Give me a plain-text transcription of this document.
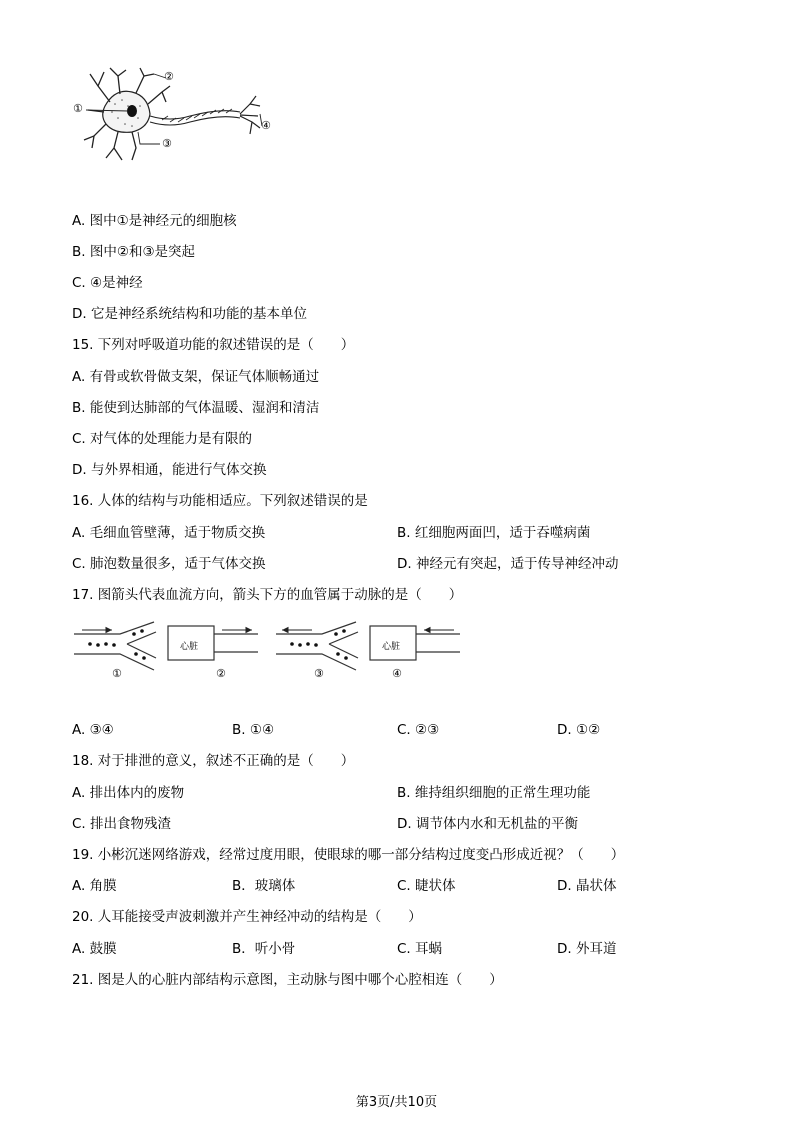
①
②
③
④
A. 图中①是神经元的细胞核
B. 图中②和③是突起
C. ④是神经
D. 它是神经系统结构和功能的基本单位
15. 下列对呼吸道功能的叙述错误的是（　　）
A. 有骨或软骨做支架，保证气体顺畅通过
B. 能使到达肺部的气体温暖、湿润和清洁
C. 对气体的处理能力是有限的
D. 与外界相通，能进行气体交换
16. 人体的结构与功能相适应。下列叙述错误的是
A. 毛细血管壁薄，适于物质交换	B. 红细胞两面凹，适于吞噬病菌
C. 肺泡数量很多，适于气体交换	D. 神经元有突起，适于传导神经冲动
17. 图箭头代表血流方向，箭头下方的血管属于动脉的是（　　）
心脏	心脏
①	②	③	④
A. ③④	B. ①④	C. ②③	D. ①②
18. 对于排泄的意义，叙述不正确的是（　　）
A. 排出体内的废物	B. 维持组织细胞的正常生理功能
C. 排出食物残渣	D. 调节体内水和无机盐的平衡
19. 小彬沉迷网络游戏，经常过度用眼，使眼球的哪一部分结构过度变凸形成近视？（　　）
A. 角膜	B．玻璃体	C. 睫状体	D. 晶状体
20. 人耳能接受声波刺激并产生神经冲动的结构是（　　）
A. 鼓膜	B．听小骨	C. 耳蜗	D. 外耳道
21. 图是人的心脏内部结构示意图，主动脉与图中哪个心腔相连（　　）
第3页/共10页
